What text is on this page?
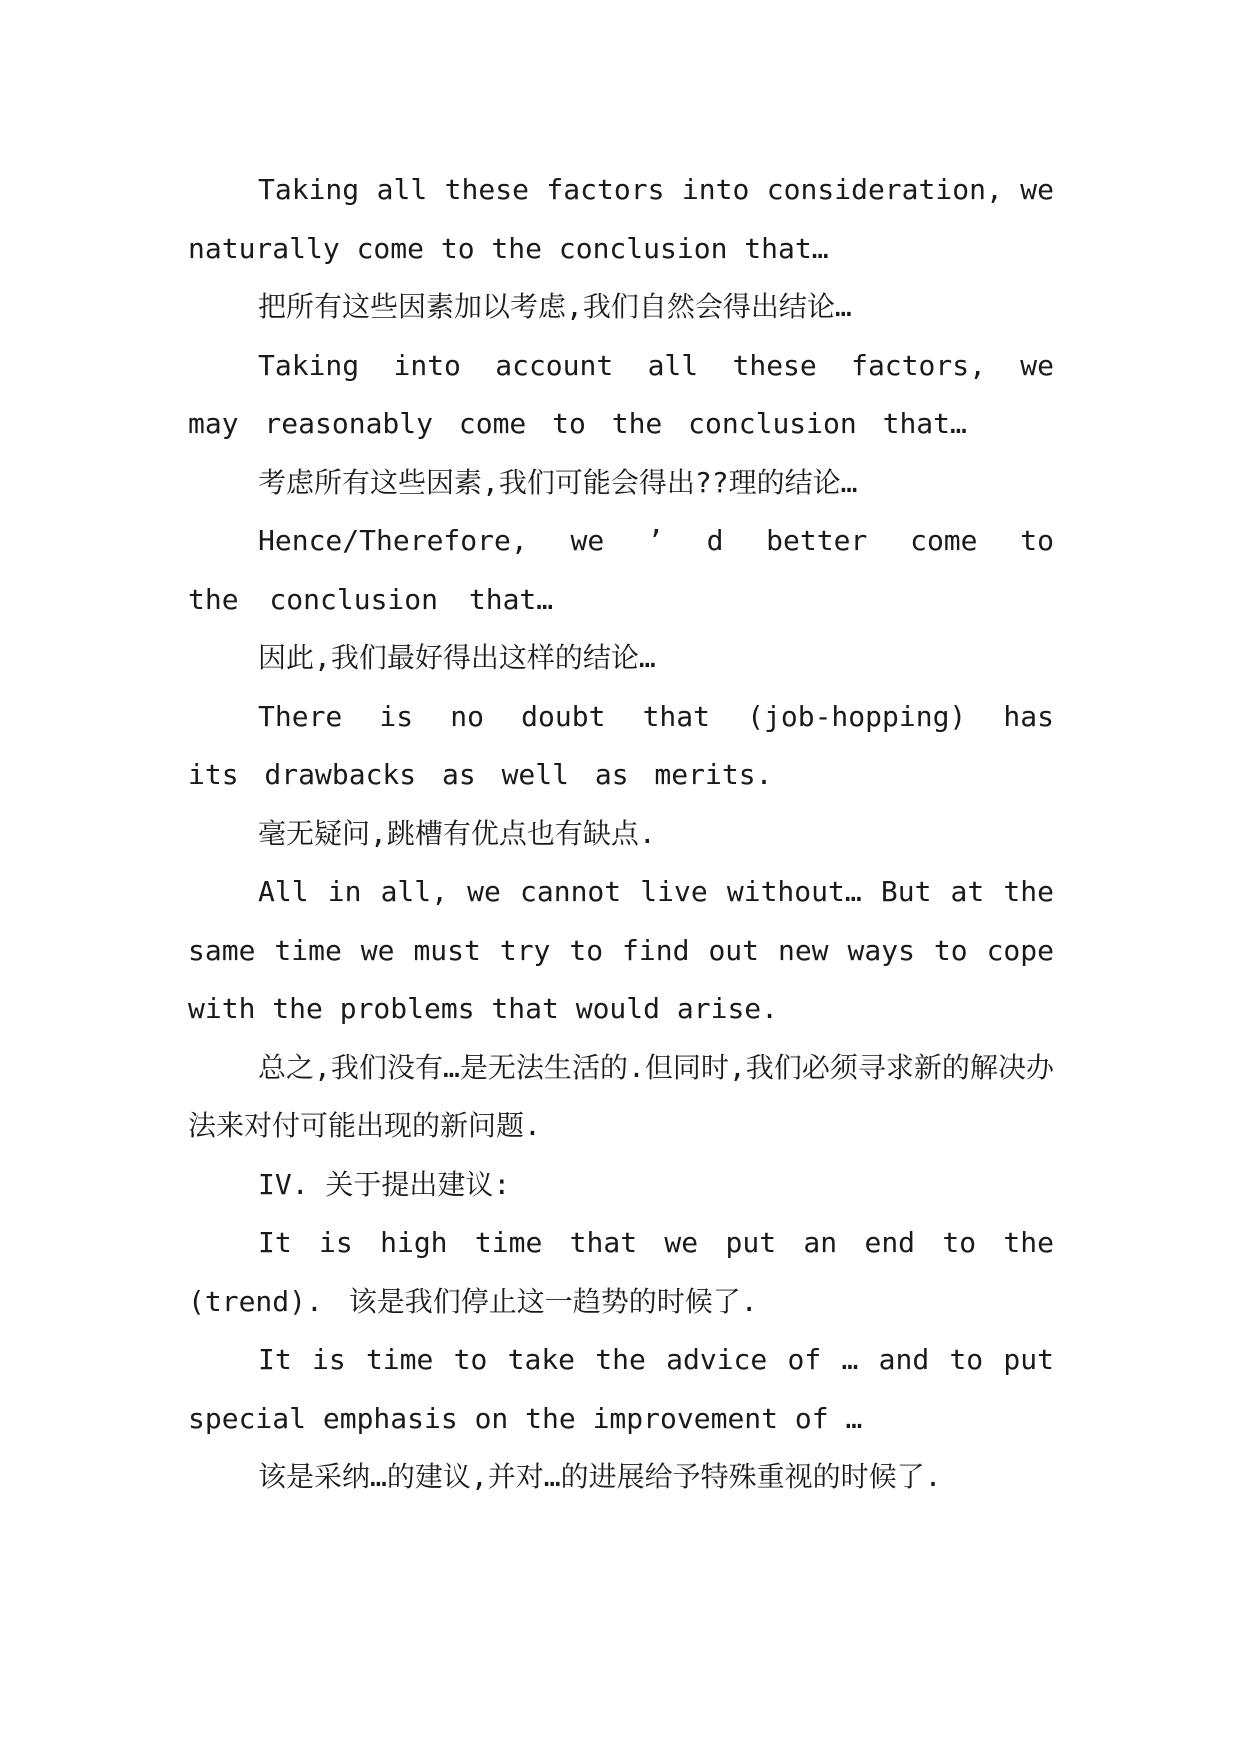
Taking all these factors into consideration, we naturally come to the conclusion that…

把所有这些因素加以考虑,我们自然会得出结论…

Taking into account all these factors, we may reasonably come to the conclusion that…

考虑所有这些因素,我们可能会得出??理的结论…

Hence/Therefore, we ’ d better come to the conclusion that…

因此,我们最好得出这样的结论…

There is no doubt that (job-hopping) has its drawbacks as well as merits.

毫无疑问,跳槽有优点也有缺点.

All in all, we cannot live without… But at the same time we must try to find out new ways to cope with the problems that would arise.

总之,我们没有…是无法生活的.但同时,我们必须寻求新的解决办法来对付可能出现的新问题.

IV. 关于提出建议:

It is high time that we put an end to the (trend). 该是我们停止这一趋势的时候了.

It is time to take the advice of … and to put special emphasis on the improvement of …

该是采纳…的建议,并对…的进展给予特殊重视的时候了.
